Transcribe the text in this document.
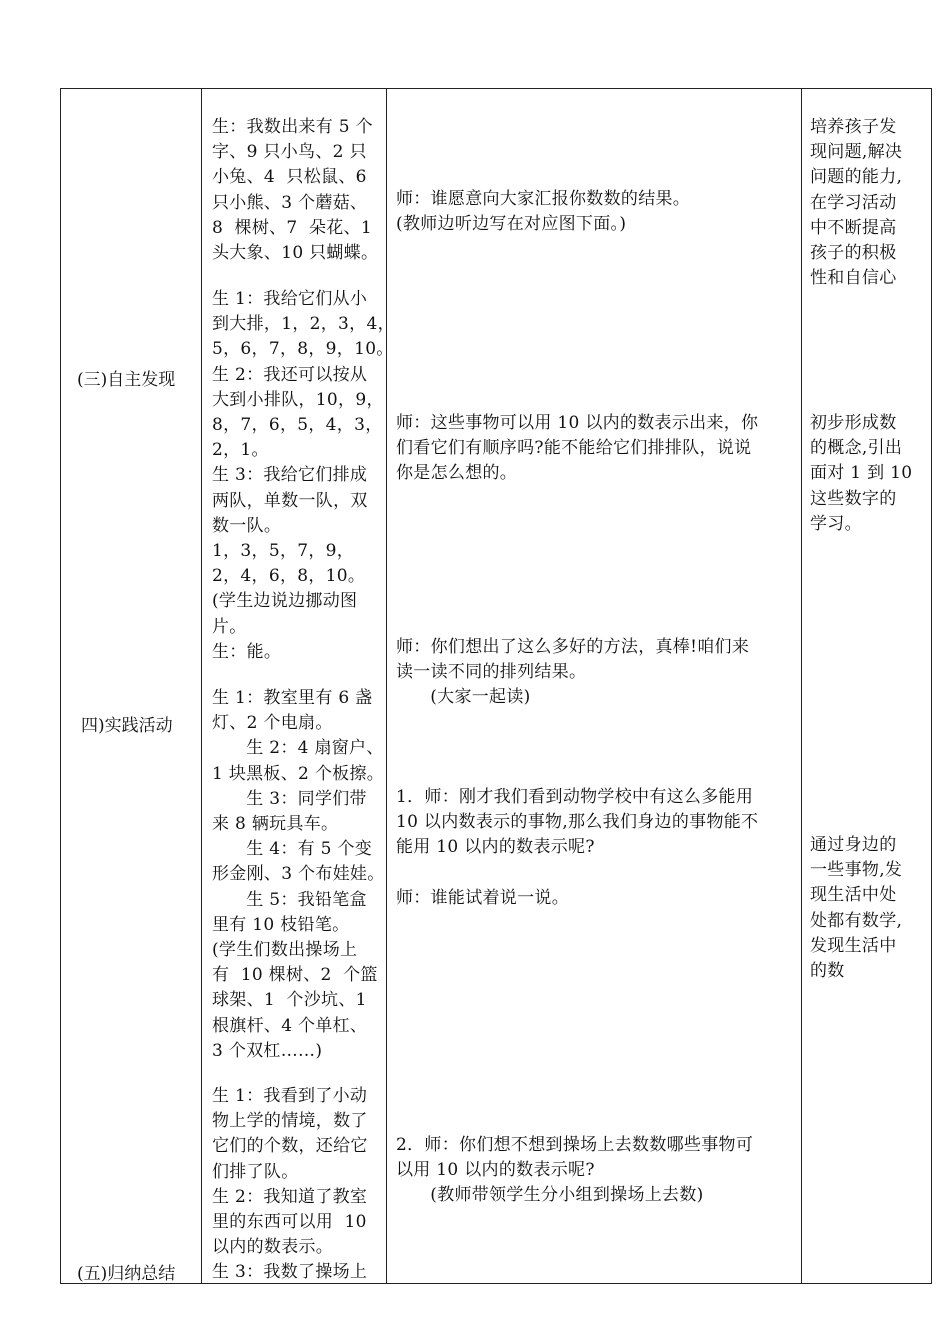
(三)自主发现
四)实践活动
(五)归纳总结
生：我数出来有 5 个
字、9 只小鸟、2 只
小兔、4  只松鼠、6
只小熊、3 个蘑菇、
8  棵树、7  朵花、1
头大象、10 只蝴蝶。
生 1：我给它们从小
到大排，1，2，3，4，
5，6，7，8，9，10。
生 2：我还可以按从
大到小排队，10，9，
8，7，6，5，4，3，
2，1。
生 3：我给它们排成
两队，单数一队，双
数一队。
1，3，5，7，9，
2，4，6，8，10。
(学生边说边挪动图
片。
生：能。
生 1：教室里有 6 盏
灯、2 个电扇。
生 2：4 扇窗户、
1 块黑板、2 个板擦。
生 3：同学们带
来 8 辆玩具车。
生 4：有 5 个变
形金刚、3 个布娃娃。
生 5：我铅笔盒
里有 10 枝铅笔。
(学生们数出操场上
有  10 棵树、2  个篮
球架、1  个沙坑、1
根旗杆、4 个单杠、
3 个双杠……)
生 1：我看到了小动
物上学的情境，数了
它们的个数，还给它
们排了队。
生 2：我知道了教室
里的东西可以用  10
以内的数表示。
生 3：我数了操场上
师：谁愿意向大家汇报你数数的结果。
(教师边听边写在对应图下面。)
师：这些事物可以用 10 以内的数表示出来，你
们看它们有顺序吗?能不能给它们排排队，说说
你是怎么想的。
师：你们想出了这么多好的方法，真棒!咱们来
读一读不同的排列结果。
(大家一起读)
1．师：刚才我们看到动物学校中有这么多能用
10 以内数表示的事物,那么我们身边的事物能不
能用 10 以内的数表示呢?

师：谁能试着说一说。
2．师：你们想不想到操场上去数数哪些事物可
以用 10 以内的数表示呢?
(教师带领学生分小组到操场上去数)
培养孩子发
现问题,解决
问题的能力,
在学习活动
中不断提高
孩子的积极
性和自信心
初步形成数
的概念,引出
面对 1 到 10
这些数字的
学习。
通过身边的
一些事物,发
现生活中处
处都有数学,
发现生活中
的数
